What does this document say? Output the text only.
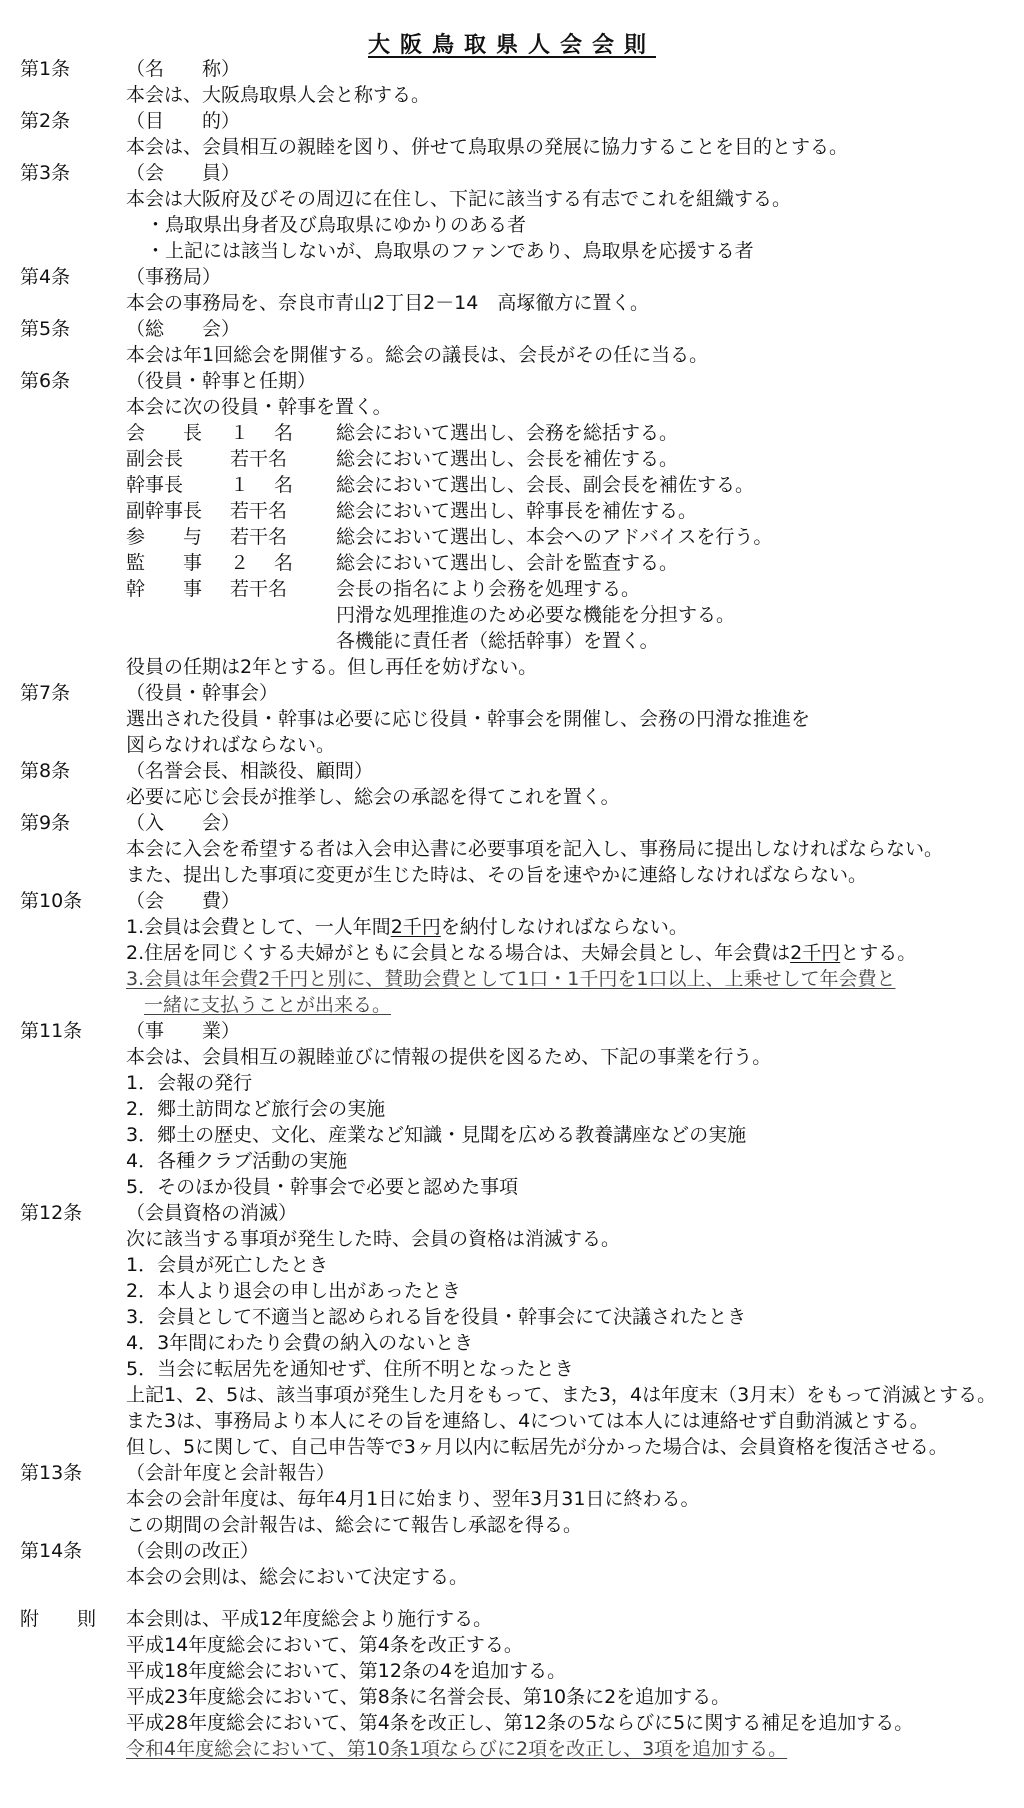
大阪鳥取県人会会則
第1条	（名　　称）
本会は、大阪鳥取県人会と称する。
第2条	（目　　的）
本会は、会員相互の親睦を図り、併せて鳥取県の発展に協力することを目的とする。
第3条	（会　　員）
本会は大阪府及びその周辺に在住し、下記に該当する有志でこれを組織する。
・鳥取県出身者及び鳥取県にゆかりのある者
・上記には該当しないが、鳥取県のファンであり、鳥取県を応援する者
第4条	（事務局）
本会の事務局を、奈良市青山2丁目2－14　高塚徹方に置く。
第5条	（総　　会）
本会は年1回総会を開催する。総会の議長は、会長がその任に当る。
第6条	（役員・幹事と任期）
本会に次の役員・幹事を置く。
会　　長 １　 名 総会において選出し、会務を総括する。
副会長 若干名	総会において選出し、会長を補佐する。
幹事長 １　 名 総会において選出し、会長、副会長を補佐する。
副幹事長 若干名	総会において選出し、幹事長を補佐する。
参　　与 若干名	総会において選出し、本会へのアドバイスを行う。
監　　事 ２　 名 総会において選出し、会計を監査する。
幹　　事 若干名	会長の指名により会務を処理する。
円滑な処理推進のため必要な機能を分担する。
各機能に責任者（総括幹事）を置く。
役員の任期は2年とする。但し再任を妨げない。
第7条	（役員・幹事会）
選出された役員・幹事は必要に応じ役員・幹事会を開催し、会務の円滑な推進を
図らなければならない。
第8条	（名誉会長、相談役、顧問）
必要に応じ会長が推挙し、総会の承認を得てこれを置く。
第9条	（入　　会）
本会に入会を希望する者は入会申込書に必要事項を記入し、事務局に提出しなければならない。
また、提出した事項に変更が生じた時は、その旨を速やかに連絡しなければならない。
第10条 （会　　費）
1.会員は会費として、一人年間2千円を納付しなければならない。
2.住居を同じくする夫婦がともに会員となる場合は、夫婦会員とし、年会費は2千円とする。
3.会員は年会費2千円と別に、賛助会費として1口・1千円を1口以上、上乗せして年会費と
一緒に支払うことが出来る。
第11条 （事　　業）
本会は、会員相互の親睦並びに情報の提供を図るため、下記の事業を行う。
1．会報の発行
2．郷土訪問など旅行会の実施
3．郷土の歴史、文化、産業など知識・見聞を広める教養講座などの実施
4．各種クラブ活動の実施
5．そのほか役員・幹事会で必要と認めた事項
第12条 （会員資格の消滅）
次に該当する事項が発生した時、会員の資格は消滅する。
1．会員が死亡したとき
2．本人より退会の申し出があったとき
3．会員として不適当と認められる旨を役員・幹事会にて決議されたとき
4．3年間にわたり会費の納入のないとき
5．当会に転居先を通知せず、住所不明となったとき
上記1、2、5は、該当事項が発生した月をもって、また3，4は年度末（3月末）をもって消滅とする。
また3は、事務局より本人にその旨を連絡し、4については本人には連絡せず自動消滅とする。
但し、5に関して、自己申告等で3ヶ月以内に転居先が分かった場合は、会員資格を復活させる。
第13条 （会計年度と会計報告）
本会の会計年度は、毎年4月1日に始まり、翌年3月31日に終わる。
この期間の会計報告は、総会にて報告し承認を得る。
第14条 （会則の改正）
本会の会則は、総会において決定する。
附　　則 本会則は、平成12年度総会より施行する。
平成14年度総会において、第4条を改正する。
平成18年度総会において、第12条の4を追加する。
平成23年度総会において、第8条に名誉会長、第10条に2を追加する。
平成28年度総会において、第4条を改正し、第12条の5ならびに5に関する補足を追加する。
令和4年度総会において、第10条1項ならびに2項を改正し、3項を追加する。
